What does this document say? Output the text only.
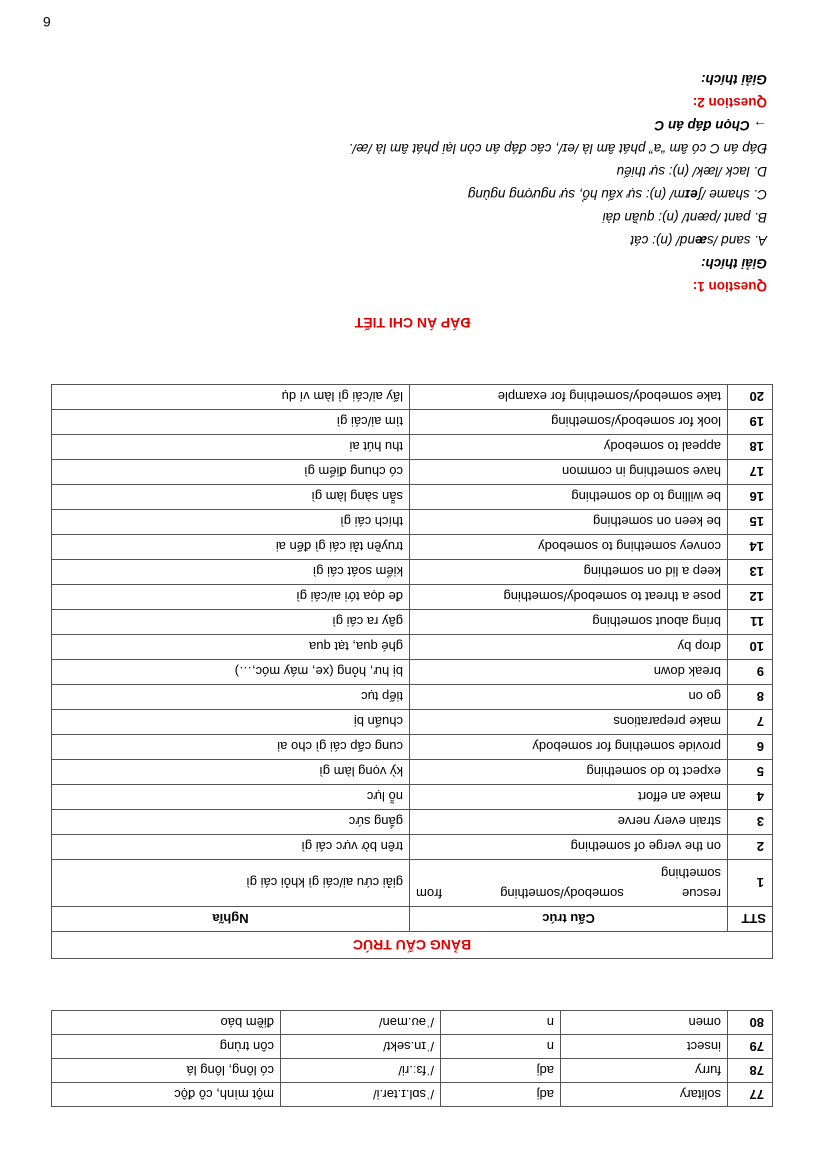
77	solitary	adj	/ˈsɒl.ɪ.tər.i/	một mình, cô độc
78	furry	adj	/ˈfɜː.ri/	có lông, lông lá
79	insect	n	/ˈɪn.sekt/	côn trùng
80	omen	n	/ˈəʊ.mən/	điềm báo
BẢNG CẤU TRÚC		
STT	Cấu trúc	Nghĩa
1	rescue
somebody/something
from
something	giải cứu ai/cái gì khỏi cái gì
2	on the verge of something	trên bờ vực cái gì
3	strain every nerve	gắng sức
4	make an effort	nỗ lực
5	expect to do something	kỳ vọng làm gì
6	provide something for somebody	cung cấp cái gì cho ai
7	make preparations	chuẩn bị
8	go on	tiếp tục
9	break down	bị hư, hỏng (xe, máy móc,…)
10	drop by	ghé qua, tạt qua
11	bring about something	gây ra cái gì
12	pose a threat to somebody/something	đe dọa tới ai/cái gì
13	keep a lid on something	kiểm soát cái gì
14	convey something to somebody	truyền tải cái gì đến ai
15	be keen on something	thích cái gì
16	be willing to do something	sẵn sàng làm gì
17	have something in common	có chung điểm gì
18	appeal to somebody	thu hút ai
19	look for somebody/something	tìm ai/cái gì
20	take somebody/something for example	lấy ai/cái gì làm ví dụ
ĐÁP ÁN CHI TIẾT
Question 1:
Giải thích:
A. sand /sænd/ (n): cát
B. pant /pænt/ (n): quần dài
C. shame /ʃeɪm/ (n): sự xấu hổ, sự ngượng ngùng
D. lack /læk/ (n): sự thiếu
Đáp án C có âm “a” phát âm là /eɪ/, các đáp án còn lại phát âm là /æ/.
→ Chọn đáp án C
Question 2:
Giải thích:
6
